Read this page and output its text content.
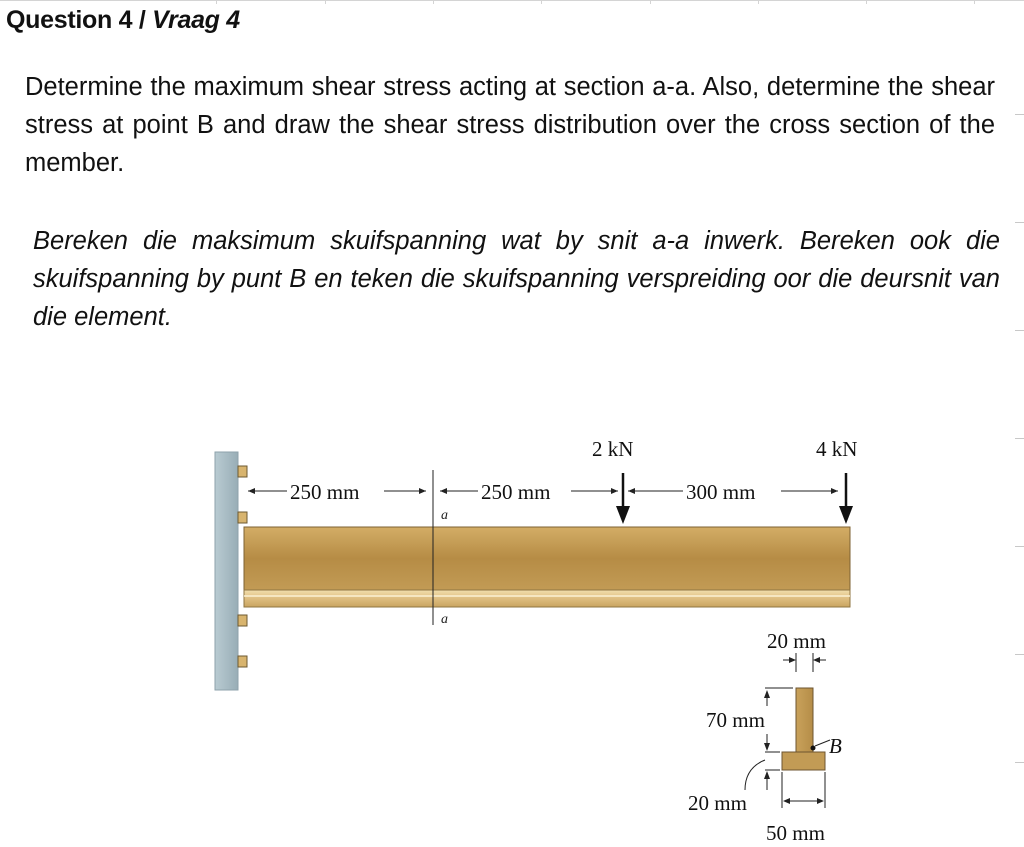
Question 4 / Vraag 4

Determine the maximum shear stress acting at section a-a. Also, determine the shear stress at point B and draw the shear stress distribution over the cross section of the member.

Bereken die maksimum skuifspanning wat by snit a-a inwerk. Bereken ook die skuifspanning by punt B en teken die skuifspanning verspreiding oor die deursnit van die element.

a
a
250 mm	250 mm	300 mm
2 kN	4 kN
20 mm
70 mm
20 mm
50 mm
B
